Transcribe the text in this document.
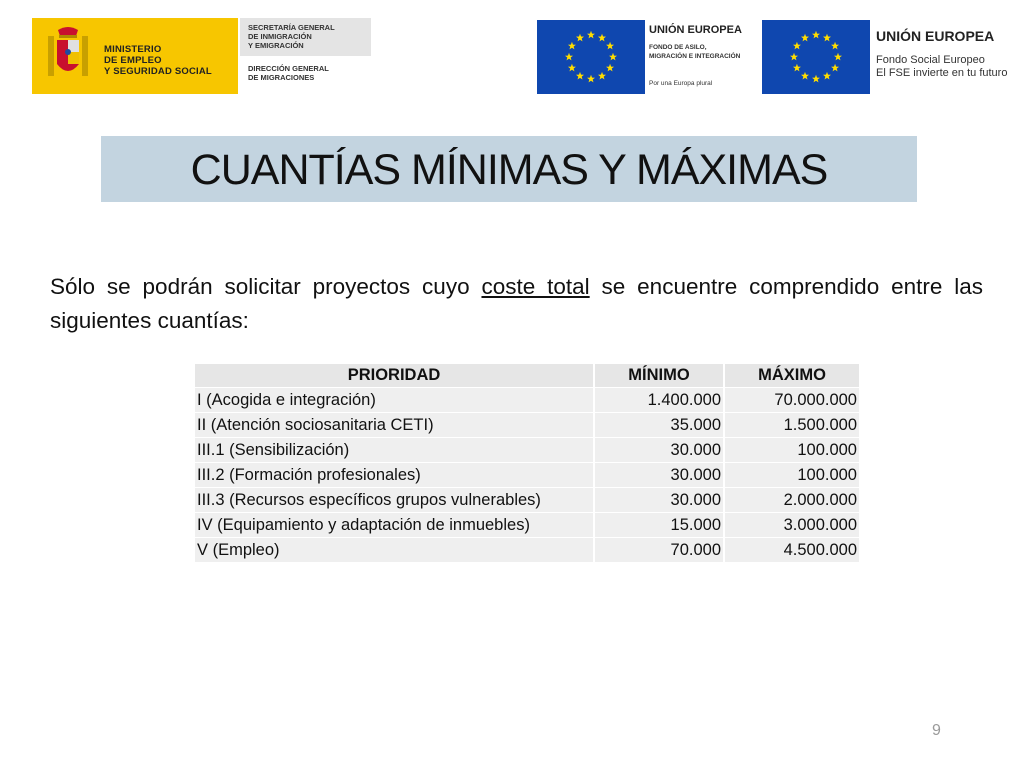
MINISTERIO
DE EMPLEO
Y SEGURIDAD SOCIAL
SECRETARÍA GENERAL
DE INMIGRACIÓN
Y EMIGRACIÓN
DIRECCIÓN GENERAL
DE MIGRACIONES
UNIÓN EUROPEA
FONDO DE ASILO,
MIGRACIÓN E INTEGRACIÓN
Por una Europa plural
UNIÓN EUROPEA
Fondo Social Europeo
El FSE invierte en tu futuro
CUANTÍAS MÍNIMAS Y MÁXIMAS

Sólo se podrán solicitar proyectos cuyo coste total se encuentre comprendido entre las siguientes cuantías:

PRIORIDAD	MÍNIMO	MÁXIMO
I (Acogida e integración)	1.400.000	70.000.000
II (Atención sociosanitaria CETI)	35.000	1.500.000
III.1 (Sensibilización)	30.000	100.000
III.2 (Formación profesionales)	30.000	100.000
III.3 (Recursos específicos grupos vulnerables)	30.000	2.000.000
IV (Equipamiento y adaptación de inmuebles)	15.000	3.000.000
V (Empleo)	70.000	4.500.000
9
